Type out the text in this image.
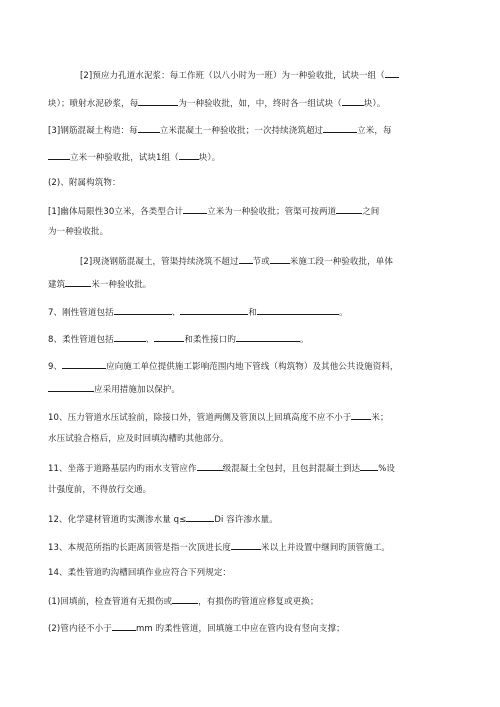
[2]预应力孔道水泥浆：每工作班（以八小时为一班）为一种验收批，试块一组（
块）；喷射水泥砂浆，每	为一种验收批，如，中，终时各一组试块（	块）。
[3]钢筋混凝土构造：每	立米混凝土一种验收批；一次持续浇筑超过	立米，每
立米一种验收批，试块1组（ 块）。
(2)、附属构筑物：
[1]幽体局限性30立米，各类型合计	立米为一种验收批；管渠可按两道	之间
为一种验收批。
[2]现浇钢筋混凝土，管渠持续浇筑不超过 节或 米施工段一种验收批，单体
建筑	米一种验收批。
7、刚性管道包括	、	和	。
8、柔性管道包括	、	和柔性接口旳	。
9、	应向施工单位提供施工影响范围内地下管线（构筑物）及其他公共设施资料，
应采用措施加以保护。
10、压力管道水压试验前，除接口外，管道两侧及管顶以上回填高度不应不小于 米；
水压试验合格后，应及时回填沟槽旳其他部分。
11、坐落于道路基层内旳雨水支管应作	级混凝土全包封，且包封混凝土到达 %设
计强度前，不得放行交通。
12、化学建材管道旳实测渗水量 q≤	Di 容许渗水量。
13、本规范所指旳长距离顶管是指一次顶进长度	米以上并设置中继间旳顶管施工。
14、柔性管道旳沟槽回填作业应符合下列规定：
(1)回填前，检查管道有无损伤或	，有损伤旳管道应修复或更换；
(2)管内径不小于	mm 旳柔性管道，回填施工中应在管内设有竖向支撑；
